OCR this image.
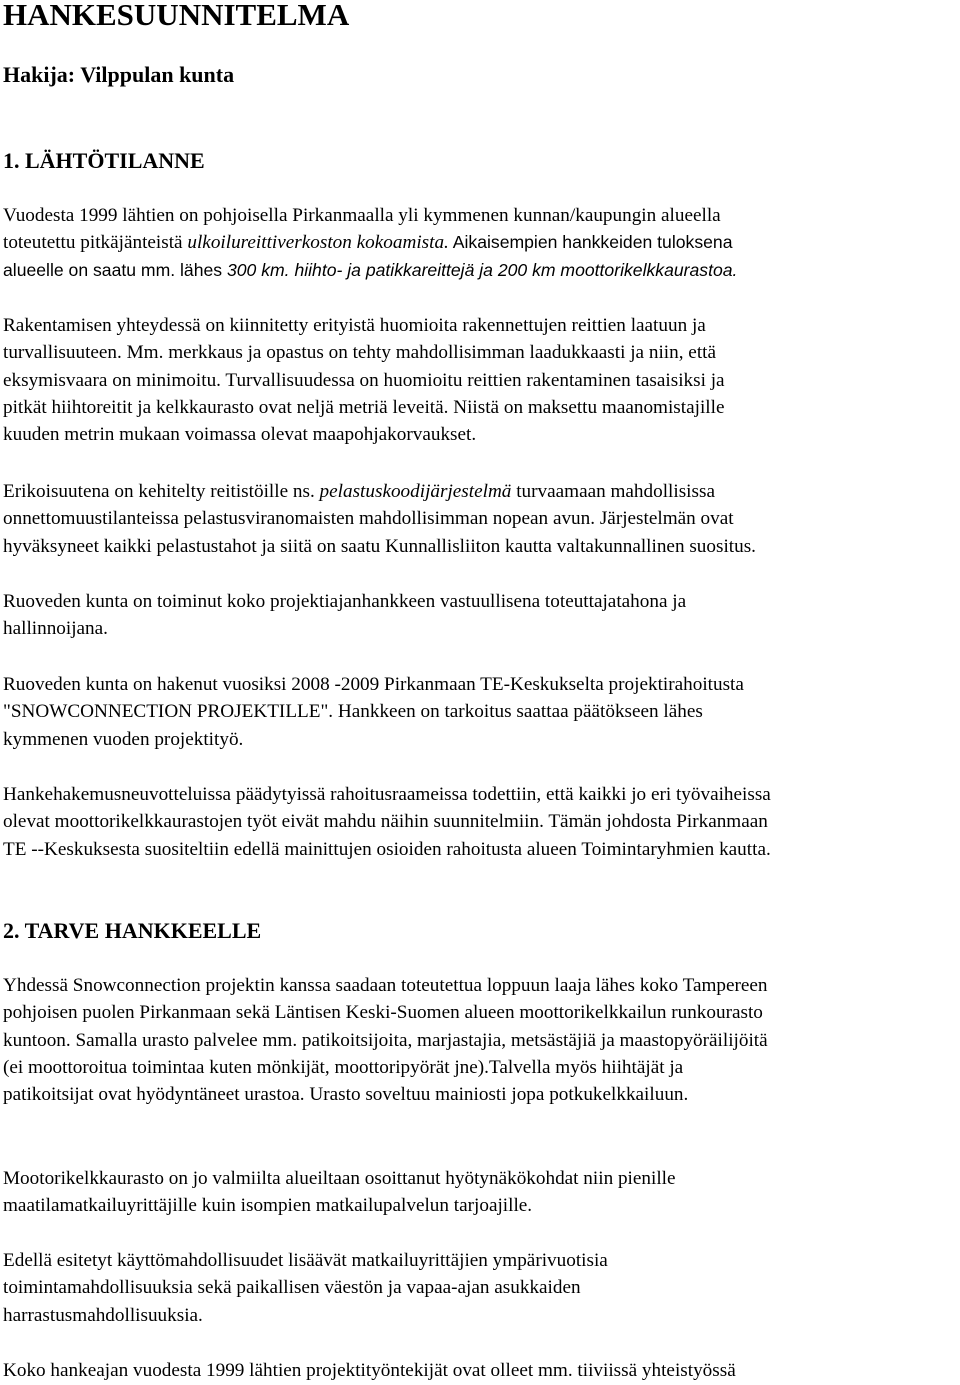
HANKESUUNNITELMA
Hakija: Vilppulan kunta
1. LÄHTÖTILANNE
Vuodesta 1999 lähtien on pohjoisella Pirkanmaalla yli kymmenen kunnan/kaupungin alueella
toteutettu pitkäjänteistä ulkoilureittiverkoston kokoamista. Aikaisempien hankkeiden tuloksena
alueelle on saatu mm. lähes 300 km. hiihto- ja patikkareittejä ja 200 km moottorikelkkaurastoa.
Rakentamisen yhteydessä on kiinnitetty erityistä huomioita rakennettujen reittien laatuun ja
turvallisuuteen. Mm. merkkaus ja opastus on tehty mahdollisimman laadukkaasti ja niin, että
eksymisvaara on minimoitu. Turvallisuudessa on huomioitu reittien rakentaminen tasaisiksi ja
pitkät hiihtoreitit ja kelkkaurasto ovat neljä metriä leveitä. Niistä on maksettu maanomistajille
kuuden metrin mukaan voimassa olevat maapohjakorvaukset.
Erikoisuutena on kehitelty reitistöille ns. pelastuskoodijärjestelmä turvaamaan mahdollisissa
onnettomuustilanteissa pelastusviranomaisten mahdollisimman nopean avun. Järjestelmän ovat
hyväksyneet kaikki pelastustahot ja siitä on saatu Kunnallisliiton kautta valtakunnallinen suositus.
Ruoveden kunta on toiminut koko projektiajanhankkeen vastuullisena toteuttajatahona ja
hallinnoijana.
Ruoveden kunta on hakenut vuosiksi 2008 -2009 Pirkanmaan TE-Keskukselta projektirahoitusta
"SNOWCONNECTION PROJEKTILLE". Hankkeen on tarkoitus saattaa päätökseen lähes
kymmenen vuoden projektityö.
Hankehakemusneuvotteluissa päädytyissä rahoitusraameissa todettiin, että kaikki jo eri työvaiheissa
olevat moottorikelkkaurastojen työt eivät mahdu näihin suunnitelmiin. Tämän johdosta Pirkanmaan
TE --Keskuksesta suositeltiin edellä mainittujen osioiden rahoitusta alueen Toimintaryhmien kautta.
2. TARVE HANKKEELLE
Yhdessä Snowconnection projektin kanssa saadaan toteutettua loppuun laaja lähes koko Tampereen
pohjoisen puolen Pirkanmaan sekä Läntisen Keski-Suomen alueen moottorikelkkailun runkourasto
kuntoon. Samalla urasto palvelee mm. patikoitsijoita, marjastajia, metsästäjiä ja maastopyöräilijöitä
(ei moottoroitua toimintaa kuten mönkijät, moottoripyörät jne).Talvella myös hiihtäjät ja
patikoitsijat ovat hyödyntäneet urastoa. Urasto soveltuu mainiosti jopa potkukelkkailuun.
Mootorikelkkaurasto on jo valmiilta alueiltaan osoittanut hyötynäkökohdat niin pienille
maatilamatkailuyrittäjille kuin isompien matkailupalvelun tarjoajille.
Edellä esitetyt käyttömahdollisuudet lisäävät matkailuyrittäjien ympärivuotisia
toimintamahdollisuuksia sekä paikallisen väestön ja vapaa-ajan asukkaiden
harrastusmahdollisuuksia.
Koko hankeajan vuodesta 1999 lähtien projektityöntekijät ovat olleet mm. tiiviissä yhteistyössä
